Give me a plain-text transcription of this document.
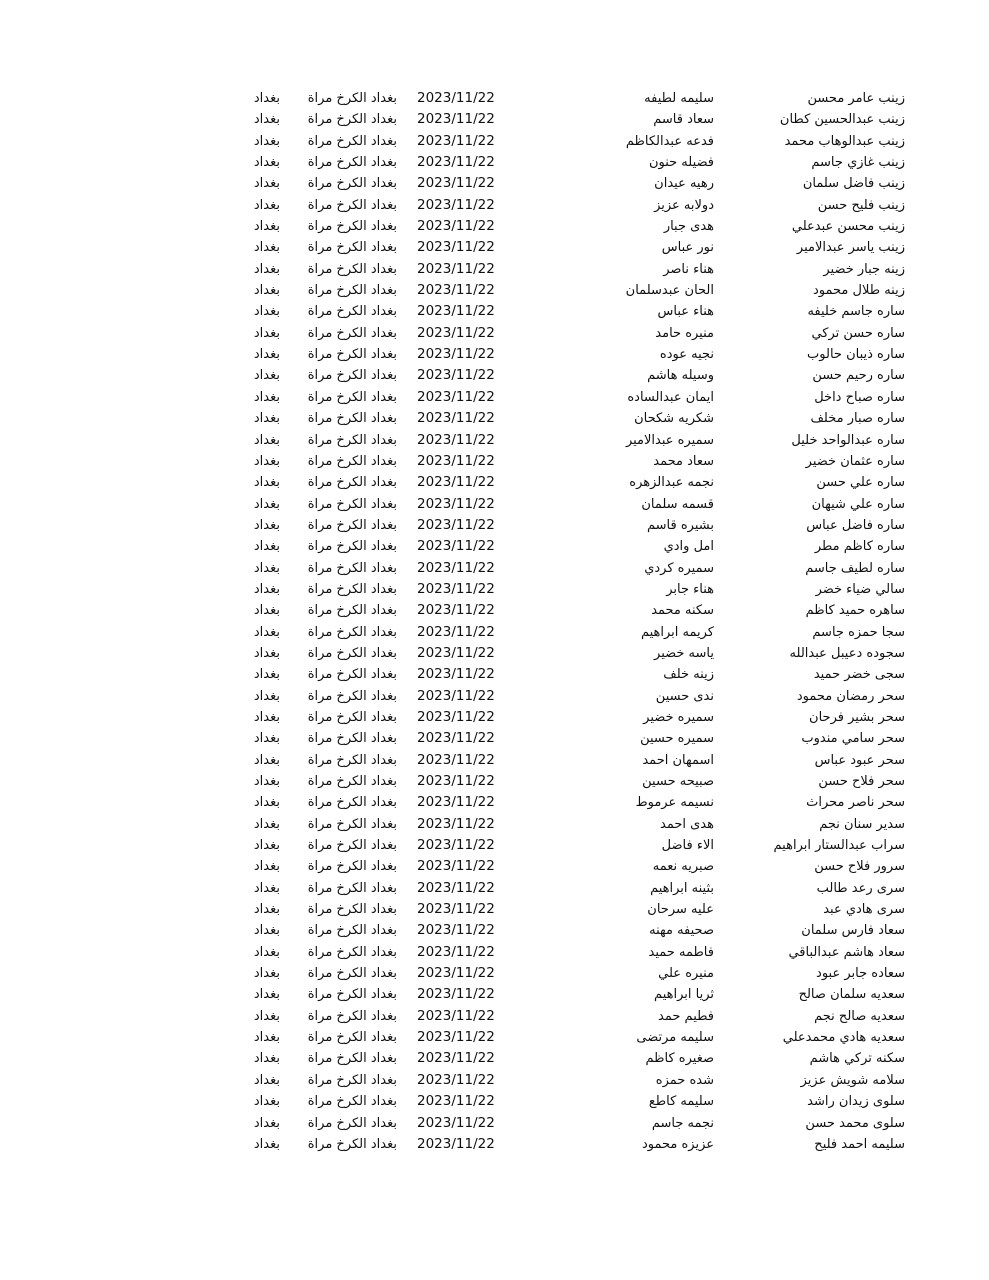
زينب عامر محسن
سليمه لطيفه
2023/11/22
بغداد الكرخ مراة
بغداد
زينب عبدالحسين كطان
سعاد قاسم
2023/11/22
بغداد الكرخ مراة
بغداد
زينب عبدالوهاب محمد
فدعه عبدالكاظم
2023/11/22
بغداد الكرخ مراة
بغداد
زينب غازي جاسم
فضيله حنون
2023/11/22
بغداد الكرخ مراة
بغداد
زينب فاضل سلمان
رهيه عيدان
2023/11/22
بغداد الكرخ مراة
بغداد
زينب فليح حسن
دولابه عزيز
2023/11/22
بغداد الكرخ مراة
بغداد
زينب محسن عبدعلي
هدى جبار
2023/11/22
بغداد الكرخ مراة
بغداد
زينب ياسر عبدالامير
نور عباس
2023/11/22
بغداد الكرخ مراة
بغداد
زينه جبار خضير
هناء ناصر
2023/11/22
بغداد الكرخ مراة
بغداد
زينه طلال محمود
الحان عبدسلمان
2023/11/22
بغداد الكرخ مراة
بغداد
ساره جاسم خليفه
هناء عباس
2023/11/22
بغداد الكرخ مراة
بغداد
ساره حسن تركي
منيره حامد
2023/11/22
بغداد الكرخ مراة
بغداد
ساره ذيبان حالوب
نجيه عوده
2023/11/22
بغداد الكرخ مراة
بغداد
ساره رحيم حسن
وسيله هاشم
2023/11/22
بغداد الكرخ مراة
بغداد
ساره صباح داخل
ايمان عبدالساده
2023/11/22
بغداد الكرخ مراة
بغداد
ساره صبار مخلف
شكريه شكحان
2023/11/22
بغداد الكرخ مراة
بغداد
ساره عبدالواحد خليل
سميره عبدالامير
2023/11/22
بغداد الكرخ مراة
بغداد
ساره عثمان خضير
سعاد محمد
2023/11/22
بغداد الكرخ مراة
بغداد
ساره علي حسن
نجمه عبدالزهره
2023/11/22
بغداد الكرخ مراة
بغداد
ساره علي شيهان
قسمه سلمان
2023/11/22
بغداد الكرخ مراة
بغداد
ساره فاضل عباس
بشيره قاسم
2023/11/22
بغداد الكرخ مراة
بغداد
ساره كاظم مطر
امل وادي
2023/11/22
بغداد الكرخ مراة
بغداد
ساره لطيف جاسم
سميره كردي
2023/11/22
بغداد الكرخ مراة
بغداد
سالي ضياء خضر
هناء جابر
2023/11/22
بغداد الكرخ مراة
بغداد
ساهره حميد كاظم
سكنه محمد
2023/11/22
بغداد الكرخ مراة
بغداد
سجا حمزه جاسم
كريمه ابراهيم
2023/11/22
بغداد الكرخ مراة
بغداد
سجوده دعيبل عبدالله
ياسه خضير
2023/11/22
بغداد الكرخ مراة
بغداد
سجى خضر حميد
زينه خلف
2023/11/22
بغداد الكرخ مراة
بغداد
سحر رمضان محمود
ندى حسين
2023/11/22
بغداد الكرخ مراة
بغداد
سحر بشير فرحان
سميره خضير
2023/11/22
بغداد الكرخ مراة
بغداد
سحر سامي مندوب
سميره حسين
2023/11/22
بغداد الكرخ مراة
بغداد
سحر عبود عباس
اسمهان احمد
2023/11/22
بغداد الكرخ مراة
بغداد
سحر فلاح حسن
صبيحه حسين
2023/11/22
بغداد الكرخ مراة
بغداد
سحر ناصر محراث
نسيمه عرموط
2023/11/22
بغداد الكرخ مراة
بغداد
سدير سنان نجم
هدى احمد
2023/11/22
بغداد الكرخ مراة
بغداد
سراب عبدالستار ابراهيم
الاء فاضل
2023/11/22
بغداد الكرخ مراة
بغداد
سرور فلاح حسن
صبريه نعمه
2023/11/22
بغداد الكرخ مراة
بغداد
سرى رعد طالب
بثينه ابراهيم
2023/11/22
بغداد الكرخ مراة
بغداد
سرى هادي عبد
عليه سرحان
2023/11/22
بغداد الكرخ مراة
بغداد
سعاد فارس سلمان
صحيفه مهنه
2023/11/22
بغداد الكرخ مراة
بغداد
سعاد هاشم عبدالباقي
فاطمه حميد
2023/11/22
بغداد الكرخ مراة
بغداد
سعاده جابر عبود
منيره علي
2023/11/22
بغداد الكرخ مراة
بغداد
سعديه سلمان صالح
ثريا ابراهيم
2023/11/22
بغداد الكرخ مراة
بغداد
سعديه صالح نجم
فطيم حمد
2023/11/22
بغداد الكرخ مراة
بغداد
سعديه هادي محمدعلي
سليمه مرتضى
2023/11/22
بغداد الكرخ مراة
بغداد
سكنه تركي هاشم
صغيره كاظم
2023/11/22
بغداد الكرخ مراة
بغداد
سلامه شويش عزيز
شده حمزه
2023/11/22
بغداد الكرخ مراة
بغداد
سلوى زيدان راشد
سليمه كاطع
2023/11/22
بغداد الكرخ مراة
بغداد
سلوى محمد حسن
نجمه جاسم
2023/11/22
بغداد الكرخ مراة
بغداد
سليمه احمد فليح
عزيزه محمود
2023/11/22
بغداد الكرخ مراة
بغداد
